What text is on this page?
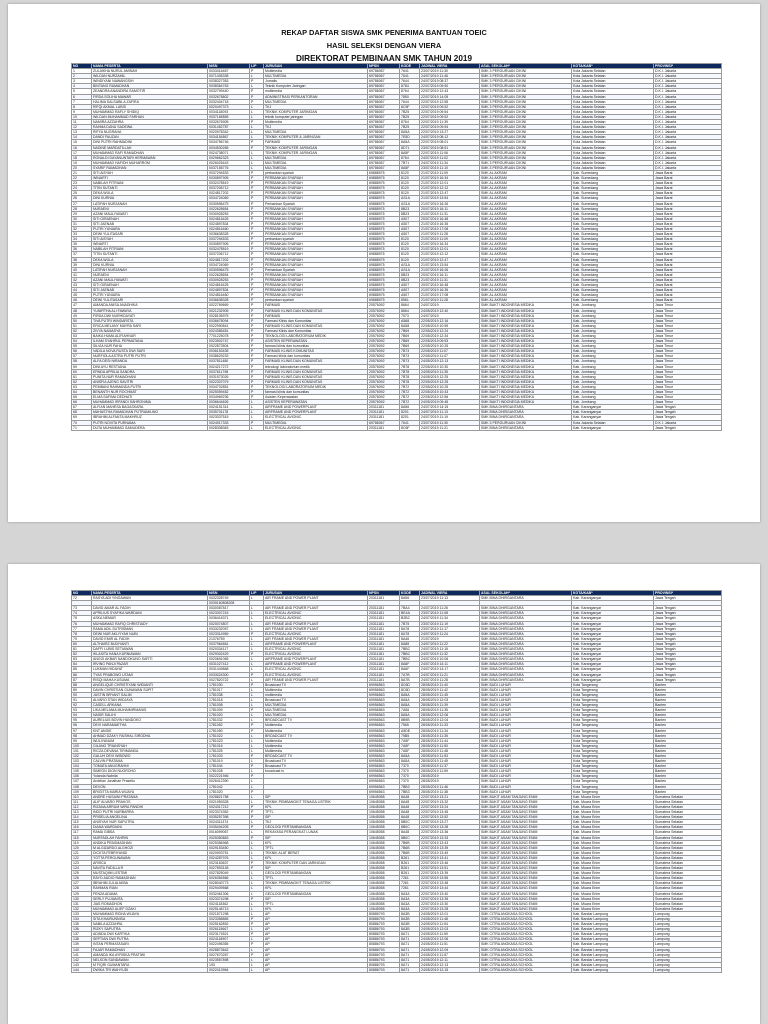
REKAP DAFTAR SISWA SMK PENERIMA BANTUAN TOEIC
HASIL SELEKSI DENGAN VIERA
DIREKTORAT PEMBINAAN SMK TAHUN 2019
NO	NAMA PESERTA	NISN	L/P	JURUSAN	NPSN	KODE	JADWAL VIERA	ASAL SEKOLAH*	KOTA/KAB*	PROVINSI*
1	ZULAIKHA NURUL AMINAH	0033416467	P	Multimedia	69786067	7641	23/07/2019 11:30	SMK 3 PERGURUAN CIKINI	Kota Jakarta Selatan	D.K.I. Jakarta
2	WILDAN NURZAMIL	0071405335	L	MULTIMEDIA	69786067	7641	24/07/2019 11:46	SMK 3 PERGURUAN CIKINI	Kota Jakarta Selatan	D.K.I. Jakarta
3	WINDIYANI NAWANGSIH	0038327353	P	Jurnalis	69786067	7644	24/07/2019 08:37	SMK 3 PERGURUAN CIKINI	Kota Jakarta Selatan	D.K.I. Jakarta
4	BINTANG RAMADHAN	0038364763	L	Teknik Komputer Jaringan	69786067	8784	22/07/2019 09:50	SMK 3 PERGURUAN CIKINI	Kota Jakarta Selatan	D.K.I. Jakarta
5	ZEANDRA ANANDIRA SAMOTIR	0032799440	P	multimedia	69786067	8764	22/07/2019 12:43	SMK 3 PERGURUAN CIKINI	Kota Jakarta Selatan	D.K.I. Jakarta
6	FIRDA SOLIHA MAWAR	0032678802	P	ADMINISTRASI PERKANTORAN	69786067	7850	22/07/2019 14:05	SMK 3 PERGURUAN CIKINI	Kota Jakarta Selatan	D.K.I. Jakarta
7	HALIMA SALSABILA ZAFIRA	0032404718	P	MULTIMEDIA	69786067	7644	22/07/2019 12:55	SMK 3 PERGURUAN CIKINI	Kota Jakarta Selatan	D.K.I. Jakarta
8	RIFQI AKMAL LUBIS	0020497373	L	TKJ	69786067	8C5F	22/07/2019 09:52	SMK 3 PERGURUAN CIKINI	Kota Jakarta Selatan	D.K.I. Jakarta
9	MUHAMMAD RAFLY SHIDIQ	0034118093	L	TEKNIK KOMPUTER JARINGAN	69786067	7B25	22/07/2019 09:54	SMK 3 PERGURUAN CIKINI	Kota Jakarta Selatan	D.K.I. Jakarta
10	WILDAN MUHAMMAD FARHAN	0037165855	L	teknik komputer jaringan	69786067	7B25	22/07/2019 09:52	SMK 3 PERGURUAN CIKINI	Kota Jakarta Selatan	D.K.I. Jakarta
11	NAMIRA AZZAHRA	0032676905	P	Multimedia	69786067	8764	22/07/2019 11:39	SMK 3 PERGURUAN CIKINI	Kota Jakarta Selatan	D.K.I. Jakarta
12	RAHMA DANU SADEWA	0031452787	L	TKJ	69786067	7B25	22/07/2019 09:54	SMK 3 PERGURUAN CIKINI	Kota Jakarta Selatan	D.K.I. Jakarta
13	RIFYA NUGRAHA	0020978342	L	MULTIMEDIA	69786067	8A5A	22/07/2019 13:27	SMK 3 PERGURUAN CIKINI	Kota Jakarta Selatan	D.K.I. Jakarta
14	DANDI FAUZAN	0034154867	L	TEKNIK KOMPUTER & JARINGAN	69786067	7E5D	24/07/2019 08:12	SMK 3 PERGURUAN CIKINI	Kota Jakarta Selatan	D.K.I. Jakarta
15	DINI PUTRI RAHMADINI	0034756746	P	FARMASI	69786067	8A5A	22/07/2019 08:01	SMK 3 PERGURUAN CIKINI	Kota Jakarta Selatan	D.K.I. Jakarta
16	NADINE MARDATILLAH	0034530265	P	TEKNIK KOMPUTER JARINGAN	69786067	8D71	23/07/2019 08:51	SMK 3 PERGURUAN CIKINI	Kota Jakarta Selatan	D.K.I. Jakarta
17	MUHAMMAD RAFI RAMADHAN	0024738071	L	TEKNIK KOMPUTER JARINGAN	69786067	8A5F	22/07/2019 11:06	SMK 3 PERGURUAN CIKINI	Kota Jakarta Selatan	D.K.I. Jakarta
18	RONALDI DAYANUNTARI HERMAWAN	0029662323	L	MULTIMEDIA	69786067	8764	24/07/2019 11:02	SMK 3 PERGURUAN CIKINI	Kota Jakarta Selatan	D.K.I. Jakarta
19	MUHAMMAD HAFIDH MUHARROM	0026025443	L	MULTIMEDIA	69786067	7B71	24/07/2019 11:34	SMK 3 PERGURUAN CIKINI	Kota Jakarta Selatan	D.K.I. Jakarta
20	SYARIF RAMADHAN	0037155776	L	MULTIMEDIA	69786067	8A5F	23/07/2019 11:10	SMK 3 PERGURUAN CIKINI	Kota Jakarta Selatan	D.K.I. Jakarta
21	SITI AISYAH	0037294533	P	perbankan syariah	69888975	8120	21/07/2019 11:09	SMK AL AKRAM	Kab. Sumedang	Jawa Barat
22	WINARTI	0030897905	P	PERBANKAN SYARIAH	69888975	8120	21/07/2019 16:34	SMK AL AKRAM	Kab. Sumedang	Jawa Barat
23	NABILAH FITRIANI	0032478519	P	PERBANKAN SYARIAH	69888975	8120	21/07/2019 12:01	SMK AL AKRAM	Kab. Sumedang	Jawa Barat
24	TITIN SUTANTI	0037206712	P	PERBANKAN SYARIAH	69888975	8120	21/07/2019 12:12	SMK AL AKRAM	Kab. Sumedang	Jawa Barat
25	DEKA WULA	0024817202	P	PERBANKAN SYARIAH	69888975	8120	21/07/2019 12:47	SMK AL AKRAM	Kab. Sumedang	Jawa Barat
26	DINI KURNIA	0034724069	P	PERBANKAN SYARIAH	69888975	AS1A	21/07/2019 13:54	SMK AL AKRAM	Kab. Sumedang	Jawa Barat
27	LATIFAH NURJANAH	0030596475	P	Perbankan Syariah	69888975	AS1A	21/07/2019 16:26	SMK AL AKRAM	Kab. Sumedang	Jawa Barat
28	NURAENI	0022628654	P	PERBANKAN SYARIAH	69888975	8B23	20/07/2019 16:11	SMK AL AKRAM	Kab. Sumedang	Jawa Barat
29	AZANI MAULIYAWATI	0030928253	P	PERBANKAN SYARIAH	69888975	8B23	21/07/2019 11:31	SMK AL AKRAM	Kab. Sumedang	Jawa Barat
30	SITI GIRAENAH	0024816425	P	PERBANKAN SYARIAH	69888975	A507	20/07/2019 16:48	SMK AL AKRAM	Kab. Sumedang	Jawa Barat
31	SITI JAENAB	0024897834	P	PERBANKAN SYARIAH	69888975	A507	21/07/2019 16:35	SMK AL AKRAM	Kab. Sumedang	Jawa Barat
32	PUTRI YUNIARA	0024816460	P	PERBANKAN SYARIAH	69888975	A507	21/07/2019 17:08	SMK AL AKRAM	Kab. Sumedang	Jawa Barat
33	DEWI YULITASARI	0036638328	P	PERBANKAN SYARIAH	69888975	A507	21/07/2019 11:28	SMK AL AKRAM	Kab. Sumedang	Jawa Barat
34	SITI AISYAH	0037294533	P	perbankan syariah	69888975	8120	21/07/2019 11:09	SMK AL AKRAM	Kab. Sumedang	Jawa Barat
35	WINARTI	0030897905	P	PERBANKAN SYARIAH	69888975	8120	21/07/2019 16:34	SMK AL AKRAM	Kab. Sumedang	Jawa Barat
36	NABILAH FITRIANI	0032478519	P	PERBANKAN SYARIAH	69888975	8120	21/07/2019 12:01	SMK AL AKRAM	Kab. Sumedang	Jawa Barat
37	TITIN SUTANTI	0037206712	P	PERBANKAN SYARIAH	69888975	8120	21/07/2019 12:12	SMK AL AKRAM	Kab. Sumedang	Jawa Barat
38	DEKA WULA	0024817202	P	PERBANKAN SYARIAH	69888975	8120	21/07/2019 12:47	SMK AL AKRAM	Kab. Sumedang	Jawa Barat
39	DINI KURNIA	0034724069	P	PERBANKAN SYARIAH	69888975	AS1A	21/07/2019 13:54	SMK AL AKRAM	Kab. Sumedang	Jawa Barat
40	LATIFAH NURJANAH	0030596475	P	Perbankan Syariah	69888975	AS1A	21/07/2019 16:26	SMK AL AKRAM	Kab. Sumedang	Jawa Barat
41	NURAENI	0022628654	P	PERBANKAN SYARIAH	69888975	8B23	20/07/2019 16:11	SMK AL AKRAM	Kab. Sumedang	Jawa Barat
42	AZANI MAULIYAWATI	0030928253	P	PERBANKAN SYARIAH	69888975	8B23	21/07/2019 11:31	SMK AL AKRAM	Kab. Sumedang	Jawa Barat
43	SITI GIRAENAH	0024816425	P	PERBANKAN SYARIAH	69888975	A507	20/07/2019 16:48	SMK AL AKRAM	Kab. Sumedang	Jawa Barat
44	SITI JAENAB	0024897834	P	PERBANKAN SYARIAH	69888975	A507	21/07/2019 16:35	SMK AL AKRAM	Kab. Sumedang	Jawa Barat
45	PUTRI YUNIARA	0024816460	P	PERBANKAN SYARIAH	69888975	A507	21/07/2019 17:08	SMK AL AKRAM	Kab. Sumedang	Jawa Barat
46	DEWI YULITASARI	0036638328	P	perbankan syariah	69888975	8561	21/07/2019 11:28	SMK AL AKRAM	Kab. Sumedang	Jawa Barat
47	AMANDA ANISA ANADHIKA	0022769669	P	FARMASI	20576092	8664	24/07/2019	SMK BAKTI INDONESIA MEDIKA	Kab. Jombang	Jawa Timur
48	YUNIRTHA ALI FAWAYA	0021232905	P	FARMASI KLINIS DAN KOMUNITAS	20576092	8664	24/05/2019 12:40	SMK BAKTI INDONESIA MEDIKA	Kab. Jombang	Jawa Timur
49	FIRDA DWI NURHIDAYATI	0028105975	P	FARMASI	20576092	7573	24/07/2019	SMK BAKTI INDONESIA MEDIKA	Kab. Jombang	Jawa Timur
50	TIVA PUTRI WINDARSTA	0036678094	P	Farmasi Klinis dan Komunitas	20576092	A568	22/05/2019 12:16	SMK BAKTI INDONESIA MEDIKA	Kab. Jombang	Jawa Timur
51	ERICA MELANY MAYRA SARI	0022990841	P	FARMASI KLINIS DAN KOMUNITAS	20576092	8A58	22/05/2019 10:59	SMK BAKTI INDONESIA MEDIKA	Kab. Jombang	Jawa Timur
52	ZIVYA NAMASYA	0024385451	P	Farmasi Klinis dan Komunitas	20576092	7B69	22/05/2019 12:24	SMK BAKTI INDONESIA MEDIKA	Kab. Jombang	Jawa Timur
53	BAIKA HUMA ALIFIAHNUR	7701225078	P	TEKNOLOGI LABORATORIUM MEDIK	20576092	7B69	22/05/2019 12:34	SMK BAKTI INDONESIA MEDIKA	Kab. Jombang	Jawa Timur
54	ILHAM SYAHRUL PERMATANA	0023902747	P	ASISTEN KEPERAWATAN	20576092	7B69	22/05/2019 09:53	SMK BAKTI INDONESIA MEDIKA	Kab. Jombang	Jawa Timur
55	SILVIA NUR FAHA	0022873504	P	farmasi klinis dan komunitas	20576092	7B69	22/05/2019 10:25	SMK BAKTI INDONESIA MEDIKA	Kab. Jombang	Jawa Timur
56	VADILA NOVA RUSTA DWI SARI	0036153435	P	FARMASI KLINIS KOMUNITAS	20576092	7B73	22/05/2019 11:07	SMK BAKTI INDONESIA MEDIKA	Kab. Jombang	Jawa Timur
57	NURFIOLA ASTRA PUTRI PUTRI	0038629233	P	Farmasi klinis dan komunitas	20576092	7B73	22/05/2019 11:07	SMK BAKTI INDONESIA MEDIKA	Kab. Jombang	Jawa Timur
58	ALFA DESI NIRANDA	0037811480	P	FARMASI KLINIS DAN KOMUNITAS	20576092	7B73	24/05/2019 12:13	SMK BAKTI INDONESIA MEDIKA	Kab. Jombang	Jawa Timur
59	DINI AYU RESTIANA	0024217272	P	teknologi laboratorium medik	20576092	7B78	22/05/2019 10:30	SMK BAKTI INDONESIA MEDIKA	Kab. Jombang	Jawa Timur
60	ERNDA APRILIA SANDRA	0037611798	P	FARMASI KLINIS DAN KOMUNITAS	20576092	7B78	24/05/2019 11:35	SMK BAKTI INDONESIA MEDIKA	Kab. Jombang	Jawa Timur
61	PUNITA NUR RAMADHANI	0031573026	P	FARMASI KLINIS DAN KOMUNITAS	20576092	7B78	24/05/2019 12:25	SMK BAKTI INDONESIA MEDIKA	Kab. Jombang	Jawa Timur
62	ANISFIA AJENG SAVITRI	0022307079	P	FARMASI KLINIS DAN KOMUNITAS	20576092	7B78	22/05/2019 12:25	SMK BAKTI INDONESIA MEDIKA	Kab. Jombang	Jawa Timur
63	PEMBANI RAHMANDA PUTRI	0034702851	P	TEKNOLOGI LABORATORIUM MEDIK	20576092	7B72	22/05/2019 10:25	SMK BAKTI INDONESIA MEDIKA	Kab. Jombang	Jawa Timur
64	BENANTH NUR ROCHMAT	0025059452	P	farmasi klinis dan komunitas	20576092	7B72	22/05/2019 10:43	SMK BAKTI INDONESIA MEDIKA	Kab. Jombang	Jawa Timur
65	ELMA SAFIMA DEDHATI	0034969236	P	Asisten Keperawatan	20576092	7B72	22/05/2019 12:56	SMK BAKTI INDONESIA MEDIKA	Kab. Jombang	Jawa Timur
66	MUHAMMAD IRFANDI SAHRONIMA	0036644626	L	ASISTEN KEPERAWATAN	20576092	7B72	24/05/2019 09:45	SMK BAKTI INDONESIA MEDIKA	Kab. Jombang	Jawa Timur
67	ALFIAN MAHESA BAGASKARA	0024151314	L	AIRFRAME AND POWERPLANT	20311181	8A56	24/07/2019 14:15	SMK BINA DHIRGANTARA	Kab. Karanganyar	Jawa Tengah
68	MAHASTHA RAMADHAN PUTRAMILING	0035701178	L	AIRFRAME AND POWERPLANT	20311181	8201	24/07/2019 11:13	SMK BINA DHIRGANTARA	Kab. Karanganyar	Jawa Tengah
69	IBRAHIM ALFANTA MAKHRUZ	0023337515	L	ELECTRICAL AVIONIC	20311181	8201	24/07/2019 11:19	SMK BINA DHIRGANTARA	Kab. Karanganyar	Jawa Tengah
70	PUTRI NOVITA PURNAMA	0024917333	P	MULTIMEDIA	69786067	7641	23/07/2019 11:30	SMK 3 PERGURUAN CIKINI	Kota Jakarta Selatan	D.K.I. Jakarta
71	DUTA MUHAMMAD SAMUDERA	0028308363	L	ELECTRICAL AVIONIC	20311181	8C6F	24/07/2019 11:21	SMK BINA DHIRGANTARA	Kab. Karanganyar	Jawa Tengah
NO	NAMA PESERTA	NISN	L/P	JURUSAN	NPSN	KODE	JADWAL VIERA	ASAL SEKOLAH*	KOTA/KAB*	PROVINSI*
72	RASYA ADI YINGAWAN	0032328749	L	AIR FRAME AND POWER PLANT	20311181	8A56	23/07/2019 11:13	SMK BINA DHIRGANTARA	Kab. Karanganyar	Jawa Tengah
		0039160808208								
73	DAVID AMAR AL FADIH	0030087817	L	AIR FRAME AND POWER PLANT	20311181	7BA4	24/07/2019 11:26	SMK BINA DHIRGANTARA	Kab. Karanganyar	Jawa Tengah
74	APRILIUS SYAFIKA WARDANI	0023307215	L	ELECTRICAL AVIONIC	20311181	BE4A	23/07/2019 11:08	SMK BINA DHIRGANTARA	Kab. Karanganyar	Jawa Tengah
75	ASKA NEMAR	0036416371	L	ELECTRICAL AVIONIC	20311181	B2B2	24/07/2019 11:34	SMK BINA DHIRGANTARA	Kab. Karanganyar	Jawa Tengah
76	MUHAMMAD RAFIQ CHRISTIADY	0020074807	L	AIR FRAME AND POWER PLANT	20311181	7B75	23/07/2019 11:19	SMK BINA DHIRGANTARA	Kab. Karanganyar	Jawa Tengah
77	RAMA ADIL SUTRISMAN	0033232057	L	AIR FRAME AND POWER PLANT	20311181	8A78	23/07/2019 11:17	SMK BINA DHIRGANTARA	Kab. Karanganyar	Jawa Tengah
78	DEWI NUR AKLIYYAH NUBI	0023314959	P	ELECTRICAL AVIONIC	20311181	8A78	24/07/2019 11:24	SMK BINA DHIRGANTARA	Kab. Karanganyar	Jawa Tengah
79	DAVID EMIR AL FADIH	21376759	L	AIR FRAME AND POWER PLANT	20311181	8A46	21/07/2019	SMK BINA DHIRGANTARA	Kab. Karanganyar	Jawa Tengah
80	ALTHAIRZ BUDIYANTI	0037964661	L	AIRFRAME AND POWERPLANT	20311181	8A88	24/07/2019 11:22	SMK BINA DHIRGANTARA	Kab. Karanganyar	Jawa Tengah
81	DAFFI LUBIS SETIAWAN	0020334117	L	ELECTRICAL AVIONIC	20311181	7BBC	24/07/2019 11:15	SMK BINA DHIRGANTARA	Kab. Karanganyar	Jawa Tengah
82	IKLASITA HANA KURNIAWAN	0029302429	P	ELECTRICAL AVIONIC	20311181	7BBC	24/07/2019 11:32	SMK BINA DHIRGANTARA	Kab. Karanganyar	Jawa Tengah
83	ANGGI AKBAR NANDOKUNO SAFITI	0020691065	L	AIRFRAME AND POWERPLANT	20311181	7BBC	24/07/2019 10:06	SMK BINA DHIRGANTARA	Kab. Karanganyar	Jawa Tengah
84	IRVING PANJI PAZAR	0031027412	L	AIRFRAME AND POWERPLANT	20311181	8A6F	24/07/2019 14:11	SMK BINA DHIRGANTARA	Kab. Karanganyar	Jawa Tengah
85	LUKMAN HIDAYAT	0031449868	L	ELECTRICAL AVIONIC	20311181	8A6F	24/07/2019 14:17	SMK BINA DHIRGANTARA	Kab. Karanganyar	Jawa Tengah
86	TYAS PRABOWO UTAMI	0033024300	P	ELECTRICAL AVIONIC	20311181	7A7B	24/07/2019 11:21	SMK BINA DHIRGANTARA	Kab. Karanganyar	Jawa Tengah
87	RISQI MAHA KUSUMA	0027820722	L	AIR FRAME AND POWER PLANT	20311181	8A7B	24/07/2019 11:28	SMK BINA DHIRGANTARA	Kab. Karanganyar	Jawa Tengah
88	ANGELIQUE CHRISTIYANI WIDIANTI	1781030	P	Broadcast TV	69956563	8C6D	28/05/2019 11:40	SMK BUDI LUHUR	Kota Tangerang	Banten
89	DAVIN CHRISTIAN GUNAWAN SUPIT	1781017	L	Multimedia	69956563	8C6D	28/05/2019 11:42	SMK BUDI LUHUR	Kota Tangerang	Banten
90	JUSTIN BRYANT SALIM	1781038	L	multimedia	69956563	8A5A	28/05/2019 11:45	SMK BUDI LUHUR	Kota Tangerang	Banten
91	ALVARO STAN WIDJAYA	1781018	L	Broadcast TV	69956563	8A5A	28/05/2019 12:03	SMK BUDI LUHUR	Kota Tangerang	Banten
92	CASELL ARKANA	1781008	L	MULTIMEDIA	69956563	8A5A	28/05/2019 11:39	SMK BUDI LUHUR	Kota Tangerang	Banten
93	LIKA MELANIA MUHAIMIRMANIS	1781009	P	MULTIMEDIA	69956563	7A56	28/05/2019 11:35	SMK BUDI LUHUR	Kota Tangerang	Banten
94	NASIR SALIHI	1781020	L	MULTIMEDIA	69956563	8A5A	28/05/2019 12:06	SMK BUDI LUHUR	Kota Tangerang	Banten
95	AURELIUS BOVIN HANDOKO	1781032	L	BROADCAST TV	69956563	8B9B	28/05/2019 12:04	SMK BUDI LUHUR	Kota Tangerang	Banten
96	DEVI NARAMAETHA	1781052	P	Multimedia	69956563	7565	28/05/2019 11:33	SMK BUDI LUHUR	Kota Tangerang	Banten
97	KNT ANGIE	1781050	P	Multimedia	69956563	A5DE	28/05/2019 11:34	SMK BUDI LUHUR	Kota Tangerang	Banten
98	AHMAD DZAKY FAISHAL SIRODHA	1781022	L	BROADCAST TV	69956563	75B5	28/05/2019 11:35	SMK BUDI LUHUR	Kota Tangerang	Banten
99	WULIYANUM	1781023	L	Multimedia	69956563	7A5F	28/05/2019 11:44	SMK BUDI LUHUR	Kota Tangerang	Banten
100	GILANG TRIANSYAH	1781016	L	Multimedia	69956563	7A5F	28/05/2019 11:50	SMK BUDI LUHUR	Kota Tangerang	Banten
101	RICZA DEVANA TIRIMANDA	1781025	L	Multimedia	69956563	7A5F	28/05/2019 11:48	SMK BUDI LUHUR	Kota Tangerang	Banten
102	GALUH DEVI WIBOWO	1781033	P	BROADCAST TV	69956563	8A5A	28/05/2019 11:53	SMK BUDI LUHUR	Kota Tangerang	Banten
103	CALVIN PRATAMA	1781019	L	Broadcast TV	69956563	8A5A	28/05/2019 11:45	SMK BUDI LUHUR	Kota Tangerang	Banten
104	TOMATA ANUGRAHNI	1781044	P	Broadcast TV	69956563	7370	28/05/2019 11:37	SMK BUDI LUHUR	Kota Tangerang	Banten
105	SIMEON DION NUGROHO	1781028	L	broadcast tv	69956563	7370	28/05/2019 11:59	SMK BUDI LUHUR	Kota Tangerang	Banten
106	Yolanda Nabrila	0022221946	P		69956563	7370	28/05/2019	SMK BUDI LUHUR	Kota Tangerang	Banten
107	Ardelian Jonathan Prasetio	0026412390	L		69956563	7370	28/05/2019	SMK BUDI LUHUR	Kota Tangerang	Banten
108	DEVON	1781042	L		69956563	7BB3	28/05/2019 11:46	SMK BUDI LUHUR	Kota Tangerang	Banten
109	BRIGITTA MARIA WIJAYA	1781020	P		69956563	7BB3	28/05/2019 11:38	SMK BUDI LUHUR	Kota Tangerang	Banten
110	ANDRE HUSAINI PRATAMA	0028821758	L	SIP	10645058	8A48	22/07/2019 13:21	SMK BUKIT ASAM TANJUNG ENIM	Kab. Muara Enim	Sumatera Selatan
111	ALIF ALVARO PRAKOS	0021959328	L	TEKNIK PEMBANGKIT TENAGA LISTRIK	10645058	8A48	22/07/2019 13:32	SMK BUKIT ASAM TANJUNG ENIM	Kab. Muara Enim	Sumatera Selatan
112	RIZANA ARRUM WIRA PANDHI	0024317212	P	KPL	10645058	8A48	22/07/2019 13:24	SMK BUKIT ASAM TANJUNG ENIM	Kab. Muara Enim	Sumatera Selatan
113	INDO PUTRI NURBARRA	0023374352	P	TPTL	10645058	8A48	22/07/2019 13:45	SMK BUKIT ASAM TANJUNG ENIM	Kab. Muara Enim	Sumatera Selatan
114	PRISELIA ANGELINA	0035257398	P	SIP	10645058	8A48	22/07/2019 13:52	SMK BUKIT ASAM TANJUNG ENIM	Kab. Muara Enim	Sumatera Selatan
115	ANISYAH NUR SAPUTRA	0024311374	L	TKJ	10645058	8B0C	22/07/2019 13:27	SMK BUKIT ASAM TANJUNG ENIM	Kab. Muara Enim	Sumatera Selatan
116	DIANA WARDIANI	0035494205	P	GEOLOGI PERTAMBANGAN	10645058	8B0C	22/07/2019 13:28	SMK BUKIT ASAM TANJUNG ENIM	Kab. Muara Enim	Sumatera Selatan
117	RAMA GIBSA	0016099067	L	REKAYASA PERANGKAT LUNAK	10645058	8A48	22/07/2019 13:36	SMK BUKIT ASAM TANJUNG ENIM	Kab. Muara Enim	Sumatera Selatan
118	NURFADLAH FAHRIN	0025350863	P	SIP	10645058	8B0C	22/07/2019 13:33	SMK BUKIT ASAM TANJUNG ENIM	Kab. Muara Enim	Sumatera Selatan
119	ANDIKA PRASMADHAN	0025356968	L	KPL	10645058	7B6B	22/07/2019 13:43	SMK BUKIT ASAM TANJUNG ENIM	Kab. Muara Enim	Sumatera Selatan
120	M ALGIZARDO ALGHOZI	0029153450	L	TPTL	10645058	7B6B	22/07/2019 13:39	SMK BUKIT ASAM TANJUNG ENIM	Kab. Muara Enim	Sumatera Selatan
121	DICKTA FEBRIYANDI	0020903751	L	TEKNIK ALAT BERAT	10645058	7B6B	22/07/2019 13:49	SMK BUKIT ASAM TANJUNG ENIM	Kab. Muara Enim	Sumatera Selatan
122	YOTTA PERGUNAWAN	0024287976	L	KPL	10645058	B261	22/07/2019 13:41	SMK BUKIT ASAM TANJUNG ENIM	Kab. Muara Enim	Sumatera Selatan
123	ARISCA	0023163637	P	TEKNIK KOMPUTER DAN JARINGAN	10645058	B261	22/07/2019 13:46	SMK BUKIT ASAM TANJUNG ENIM	Kab. Muara Enim	Sumatera Selatan
124	NAVITA FADILLA R	0027893145	P	SIP	10645058	B261	22/07/2019 13:51	SMK BUKIT ASAM TANJUNG ENIM	Kab. Muara Enim	Sumatera Selatan
125	MUSTAQIIM LESTIMI	0027825049	L	GEOLOGI PERTAMBANGAN	10645058	B261	22/07/2019 13:39	SMK BUKIT ASAM TANJUNG ENIM	Kab. Muara Enim	Sumatera Selatan
126	RAYO AUDIO RAMADHAN	0026354566	L	TPTL	10645058	7261	22/07/2019 13:55	SMK BUKIT ASAM TANJUNG ENIM	Kab. Muara Enim	Sumatera Selatan
127	IBRAHIM JULIA AKBA	0028040773	L	TEKNIK PEMBANGKIT TENAGA LISTRIK	10645058	7261	22/07/2019 13:48	SMK BUKIT ASAM TANJUNG ENIM	Kab. Muara Enim	Sumatera Selatan
128	RAHMAN RIAN	0029409568	L	KPL	10645058	7261	22/07/2019 13:44	SMK BUKIT ASAM TANJUNG ENIM	Kab. Muara Enim	Sumatera Selatan
129	FENZA ADAMA	0032461306	L	GEOLOGI PERTAMBANGAN	10645058	8A3A	22/07/2019 13:40	SMK BUKIT ASAM TANJUNG ENIM	Kab. Muara Enim	Sumatera Selatan
130	SERLY PUJIANITA	0023374298	P	SIP	10645058	8A3A	22/07/2019 13:35	SMK BUKIT ASAM TANJUNG ENIM	Kab. Muara Enim	Sumatera Selatan
131	JIAS ROMADHON	0024118362	L	TPTL	10645058	8A3A	22/07/2019 13:30	SMK BUKIT ASAM TANJUNG ENIM	Kab. Muara Enim	Sumatera Selatan
132	MUHAMMAD ALIEF DZAKI	0025146713	L	KPL	10645058	8A3A	22/07/2019 13:28	SMK BUKIT ASAM TANJUNG ENIM	Kab. Muara Enim	Sumatera Selatan
133	MUHAMMAD RIDHA WIJAYA	0021571298	L	AP	80886793	8A3B	24/05/2019 12:01	SMK CITRA ANGKASA SCHOOL	Kab. Bandar Lampung	Lampung
134	SITA KHAIRUNNISA	0023358865	P	AP	80886793	8A3B	24/05/2019 11:48	SMK CITRA ANGKASA SCHOOL	Kab. Bandar Lampung	Lampung
135	NABILA AZZAHRA	0025162892	P	AP	80886793	8A3B	24/05/2019 11:54	SMK CITRA ANGKASA SCHOOL	Kab. Bandar Lampung	Lampung
136	RIZKY SAPUTRA	0026115667	L	AP	80886793	8A3B	24/05/2019 12:03	SMK CITRA ANGKASA SCHOOL	Kab. Bandar Lampung	Lampung
137	ADINDA DWI KARTIKA	0023174521	P	AP	80886793	8A71	24/05/2019 11:59	SMK CITRA ANGKASA SCHOOL	Kab. Bandar Lampung	Lampung
138	SEPTIAN DWI PUTRA	0024118907	L	AP	80886793	8A71	24/05/2019 12:06	SMK CITRA ANGKASA SCHOOL	Kab. Bandar Lampung	Lampung
139	INTAN PERMATASARI	0022496355	P	AP	80886793	8A71	24/05/2019 11:51	SMK CITRA ANGKASA SCHOOL	Kab. Bandar Lampung	Lampung
140	FAJAR RAMADHAN	0028873642	L	AP	80886793	8A71	24/05/2019 12:09	SMK CITRA ANGKASA SCHOOL	Kab. Bandar Lampung	Lampung
141	AMANDA IKA AYRISKA PRATIWI	0027670267	P	AP	80886793	8A71	24/05/2019 11:57	SMK CITRA ANGKASA SCHOOL	Kab. Bandar Lampung	Lampung
142	NELSON SUNDAWAN	0023557898	L	AP	80886793	8A71	24/05/2019 12:11	SMK CITRA ANGKASA SCHOOL	Kab. Bandar Lampung	Lampung
143	M FIQRI GUMANTARA	193	L	AP	80886793	8A71	24/05/2019 12:13	SMK CITRA ANGKASA SCHOOL	Kab. Bandar Lampung	Lampung
144	DWIKA TRI WAHYUDI	0022413964	L	AP	80886793	8A71	24/05/2019 12:15	SMK CITRA ANGKASA SCHOOL	Kab. Bandar Lampung	Lampung
